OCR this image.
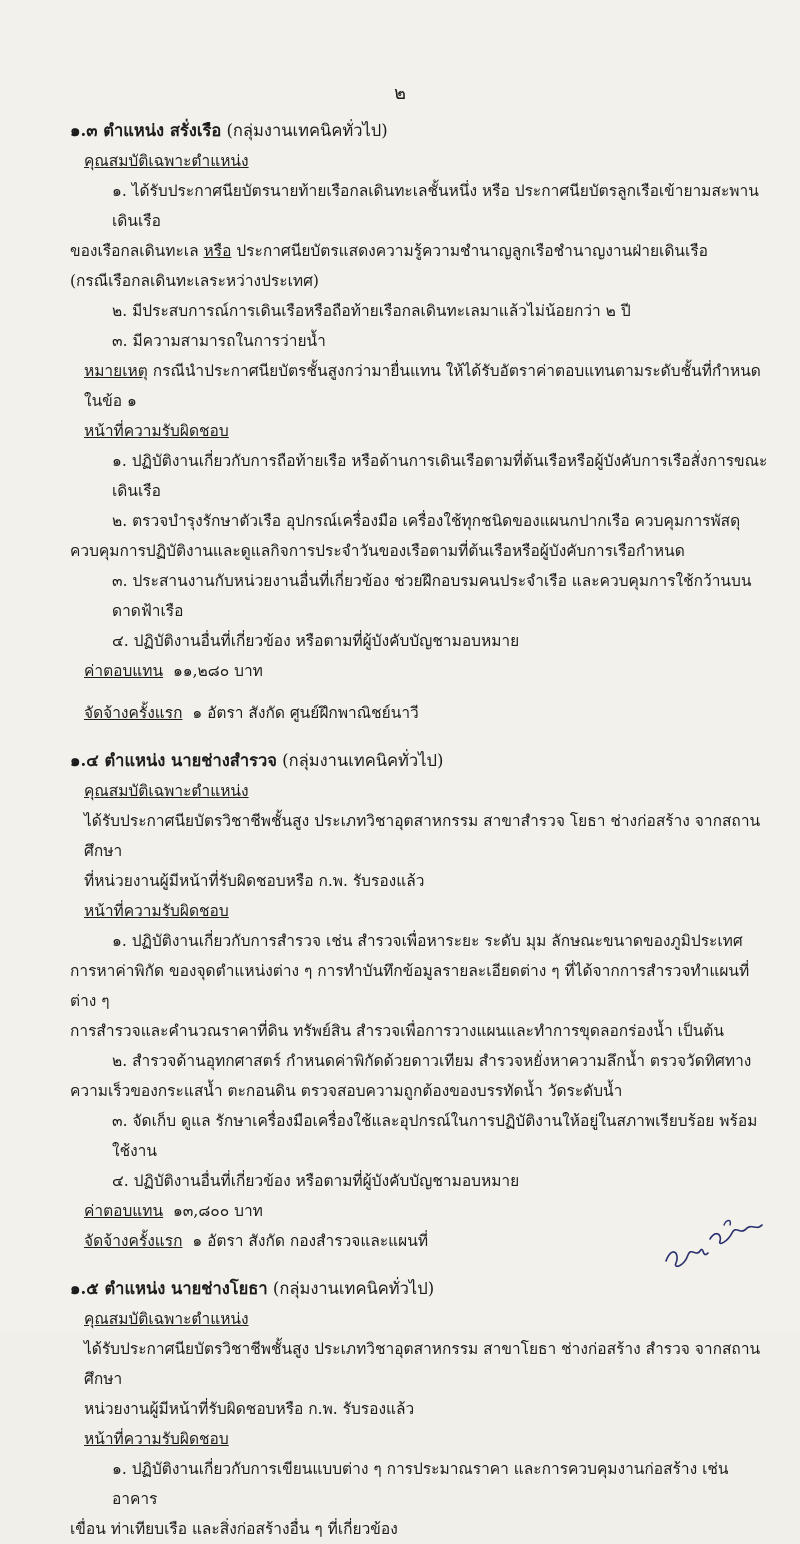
๒
๑.๓ ตำแหน่ง สรั่งเรือ (กลุ่มงานเทคนิคทั่วไป)
คุณสมบัติเฉพาะตำแหน่ง
๑. ได้รับประกาศนียบัตรนายท้ายเรือกลเดินทะเลชั้นหนึ่ง หรือ ประกาศนียบัตรลูกเรือเข้ายามสะพานเดินเรือ
ของเรือกลเดินทะเล หรือ ประกาศนียบัตรแสดงความรู้ความชำนาญลูกเรือชำนาญงานฝ่ายเดินเรือ
(กรณีเรือกลเดินทะเลระหว่างประเทศ)
๒. มีประสบการณ์การเดินเรือหรือถือท้ายเรือกลเดินทะเลมาแล้วไม่น้อยกว่า ๒ ปี
๓. มีความสามารถในการว่ายน้ำ
หมายเหตุ กรณีนำประกาศนียบัตรชั้นสูงกว่ามายื่นแทน ให้ได้รับอัตราค่าตอบแทนตามระดับชั้นที่กำหนดในข้อ ๑
หน้าที่ความรับผิดชอบ
๑. ปฏิบัติงานเกี่ยวกับการถือท้ายเรือ หรือด้านการเดินเรือตามที่ต้นเรือหรือผู้บังคับการเรือสั่งการขณะเดินเรือ
๒. ตรวจบำรุงรักษาตัวเรือ อุปกรณ์เครื่องมือ เครื่องใช้ทุกชนิดของแผนกปากเรือ ควบคุมการพัสดุ
ควบคุมการปฏิบัติงานและดูแลกิจการประจำวันของเรือตามที่ต้นเรือหรือผู้บังคับการเรือกำหนด
๓. ประสานงานกับหน่วยงานอื่นที่เกี่ยวข้อง ช่วยฝึกอบรมคนประจำเรือ และควบคุมการใช้กว้านบนดาดฟ้าเรือ
๔. ปฏิบัติงานอื่นที่เกี่ยวข้อง หรือตามที่ผู้บังคับบัญชามอบหมาย
ค่าตอบแทน ๑๑,๒๘๐ บาท
จัดจ้างครั้งแรก ๑ อัตรา สังกัด ศูนย์ฝึกพาณิชย์นาวี
๑.๔ ตำแหน่ง นายช่างสำรวจ (กลุ่มงานเทคนิคทั่วไป)
คุณสมบัติเฉพาะตำแหน่ง
ได้รับประกาศนียบัตรวิชาชีพชั้นสูง ประเภทวิชาอุตสาหกรรม สาขาสำรวจ โยธา ช่างก่อสร้าง จากสถานศึกษา
ที่หน่วยงานผู้มีหน้าที่รับผิดชอบหรือ ก.พ. รับรองแล้ว
หน้าที่ความรับผิดชอบ
๑. ปฏิบัติงานเกี่ยวกับการสำรวจ เช่น สำรวจเพื่อหาระยะ ระดับ มุม ลักษณะขนาดของภูมิประเทศ
การหาค่าพิกัด ของจุดตำแหน่งต่าง ๆ การทำบันทึกข้อมูลรายละเอียดต่าง ๆ ที่ได้จากการสำรวจทำแผนที่ต่าง ๆ
การสำรวจและคำนวณราคาที่ดิน ทรัพย์สิน สำรวจเพื่อการวางแผนและทำการขุดลอกร่องน้ำ เป็นต้น
๒. สำรวจด้านอุทกศาสตร์ กำหนดค่าพิกัดด้วยดาวเทียม สำรวจหยั่งหาความลึกน้ำ ตรวจวัดทิศทาง
ความเร็วของกระแสน้ำ ตะกอนดิน ตรวจสอบความถูกต้องของบรรทัดน้ำ วัดระดับน้ำ
๓. จัดเก็บ ดูแล รักษาเครื่องมือเครื่องใช้และอุปกรณ์ในการปฏิบัติงานให้อยู่ในสภาพเรียบร้อย พร้อมใช้งาน
๔. ปฏิบัติงานอื่นที่เกี่ยวข้อง หรือตามที่ผู้บังคับบัญชามอบหมาย
ค่าตอบแทน ๑๓,๘๐๐ บาท
จัดจ้างครั้งแรก ๑ อัตรา สังกัด กองสำรวจและแผนที่
๑.๕ ตำแหน่ง นายช่างโยธา (กลุ่มงานเทคนิคทั่วไป)
คุณสมบัติเฉพาะตำแหน่ง
ได้รับประกาศนียบัตรวิชาชีพชั้นสูง ประเภทวิชาอุตสาหกรรม สาขาโยธา ช่างก่อสร้าง สำรวจ จากสถานศึกษา
หน่วยงานผู้มีหน้าที่รับผิดชอบหรือ ก.พ. รับรองแล้ว
หน้าที่ความรับผิดชอบ
๑. ปฏิบัติงานเกี่ยวกับการเขียนแบบต่าง ๆ การประมาณราคา และการควบคุมงานก่อสร้าง เช่น อาคาร
เขื่อน ท่าเทียบเรือ และสิ่งก่อสร้างอื่น ๆ ที่เกี่ยวข้อง
